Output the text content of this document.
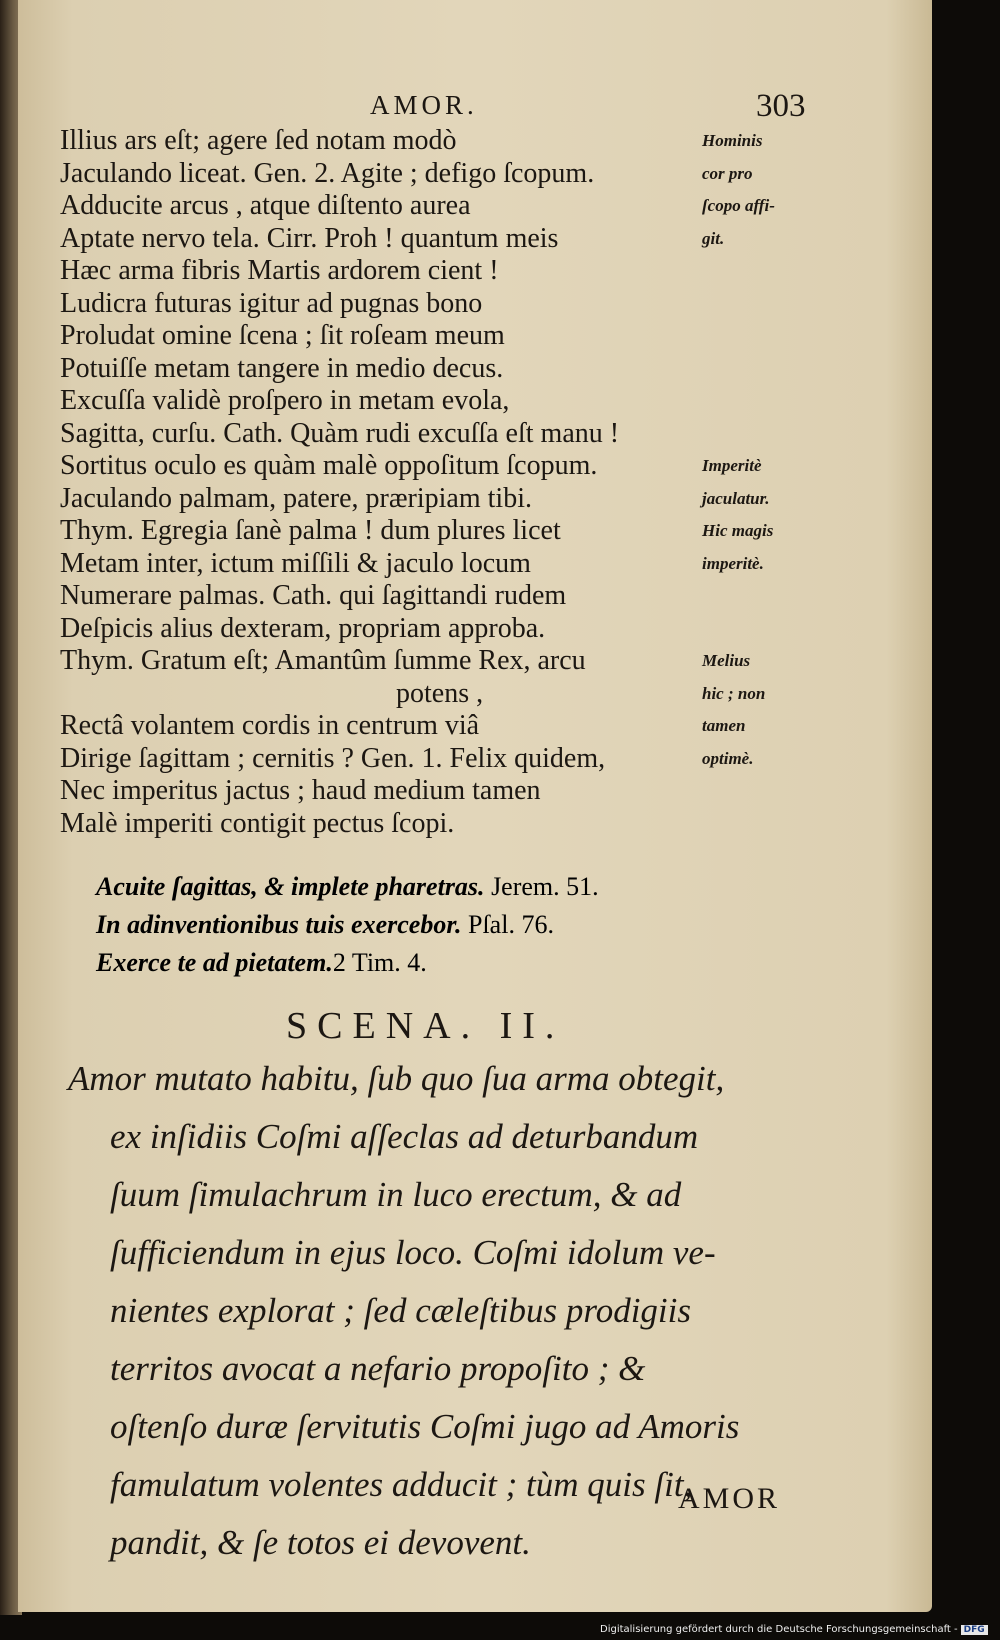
AMOR.	303
Illius ars eſt; agere ſed notam modò
Jaculando liceat. Gen. 2. Agite ; defigo ſcopum.
Adducite arcus , atque diſtento aurea
Aptate nervo tela. Cirr. Proh ! quantum meis
Hæc arma fibris Martis ardorem cient !
Ludicra futuras igitur ad pugnas bono
Proludat omine ſcena ; ſit roſeam meum
Potuiſſe metam tangere in medio decus.
Excuſſa validè proſpero in metam evola,
Sagitta, curſu. Cath. Quàm rudi excuſſa eſt manu !
Sortitus oculo es quàm malè oppoſitum ſcopum.
Jaculando palmam, patere, præripiam tibi.
Thym. Egregia ſanè palma ! dum plures licet
Metam inter, ictum miſſili & jaculo locum
Numerare palmas. Cath. qui ſagittandi rudem
Deſpicis alius dexteram, propriam approba.
Thym. Gratum eſt; Amantûm ſumme Rex, arcu
potens ,
Rectâ volantem cordis in centrum viâ
Dirige ſagittam ; cernitis ? Gen. 1. Felix quidem,
Nec imperitus jactus ; haud medium tamen
Malè imperiti contigit pectus ſcopi.
Hominis
cor pro
ſcopo affi-
git.
Imperitè
jaculatur.
Hic magis
imperitè.
Melius
hic ; non
tamen
optimè.
Acuite ſagittas, & implete pharetras. Jerem. 51.
In adinventionibus tuis exercebor. Pſal. 76.
Exerce te ad pietatem.2 Tim. 4.
SCENA. II.
Amor mutato habitu, ſub quo ſua arma obtegit,
ex inſidiis Coſmi aſſeclas ad deturbandum
ſuum ſimulachrum in luco erectum, & ad
ſufficiendum in ejus loco. Coſmi idolum ve-
nientes explorat ; ſed cæleſtibus prodigiis
territos avocat a nefario propoſito ; &
oſtenſo duræ ſervitutis Coſmi jugo ad Amoris
famulatum volentes adducit ; tùm quis ſit,
pandit, & ſe totos ei devovent.
AMOR
Digitalisierung gefördert durch die Deutsche Forschungsgemeinschaft - DFG
